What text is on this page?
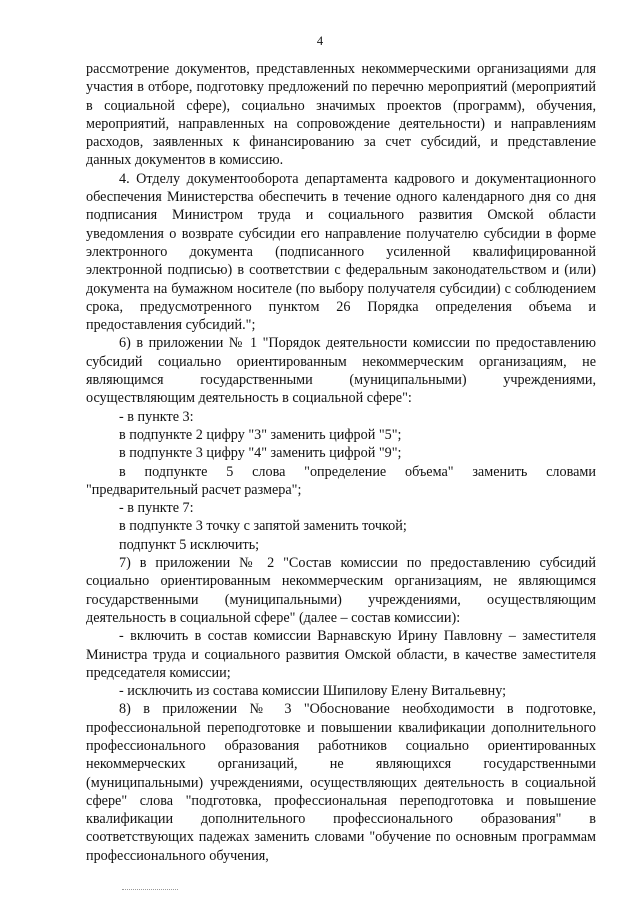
4

рассмотрение документов, представленных некоммерческими организациями для участия в отборе, подготовку предложений по перечню мероприятий (мероприятий в социальной сфере), социально значимых проектов (программ), обучения, мероприятий, направленных на сопровождение деятельности) и направлениям расходов, заявленных к финансированию за счет субсидий, и представление данных документов в комиссию.

4. Отделу документооборота департамента кадрового и документационного обеспечения Министерства обеспечить в течение одного календарного дня со дня подписания Министром труда и социального развития Омской области уведомления о возврате субсидии его направление получателю субсидии в форме электронного документа (подписанного усиленной квалифицированной электронной подписью) в соответствии с федеральным законодательством и (или) документа на бумажном носителе (по выбору получателя субсидии) с соблюдением срока, предусмотренного пунктом 26 Порядка определения объема и предоставления субсидий.";

6) в приложении № 1 "Порядок деятельности комиссии по предоставлению субсидий социально ориентированным некоммерческим организациям, не являющимся государственными (муниципальными) учреждениями, осуществляющим деятельность в социальной сфере":

- в пункте 3:

в подпункте 2 цифру "3" заменить цифрой "5";

в подпункте 3 цифру "4" заменить цифрой "9";

в подпункте 5 слова "определение объема" заменить словами "предварительный расчет размера";

- в пункте 7:

в подпункте 3 точку с запятой заменить точкой;

подпункт 5 исключить;

7) в приложении № 2 "Состав комиссии по предоставлению субсидий социально ориентированным некоммерческим организациям, не являющимся государственными (муниципальными) учреждениями, осуществляющим деятельность в социальной сфере" (далее – состав комиссии):

- включить в состав комиссии Варнавскую Ирину Павловну – заместителя Министра труда и социального развития Омской области, в качестве заместителя председателя комиссии;

- исключить из состава комиссии Шипилову Елену Витальевну;

8) в приложении № 3 "Обоснование необходимости в подготовке, профессиональной переподготовке и повышении квалификации дополнительного профессионального образования работников социально ориентированных некоммерческих организаций, не являющихся государственными (муниципальными) учреждениями, осуществляющих деятельность в социальной сфере" слова "подготовка, профессиональная переподготовка и повышение квалификации дополнительного профессионального образования" в соответствующих падежах заменить словами "обучение по основным программам профессионального обучения,
